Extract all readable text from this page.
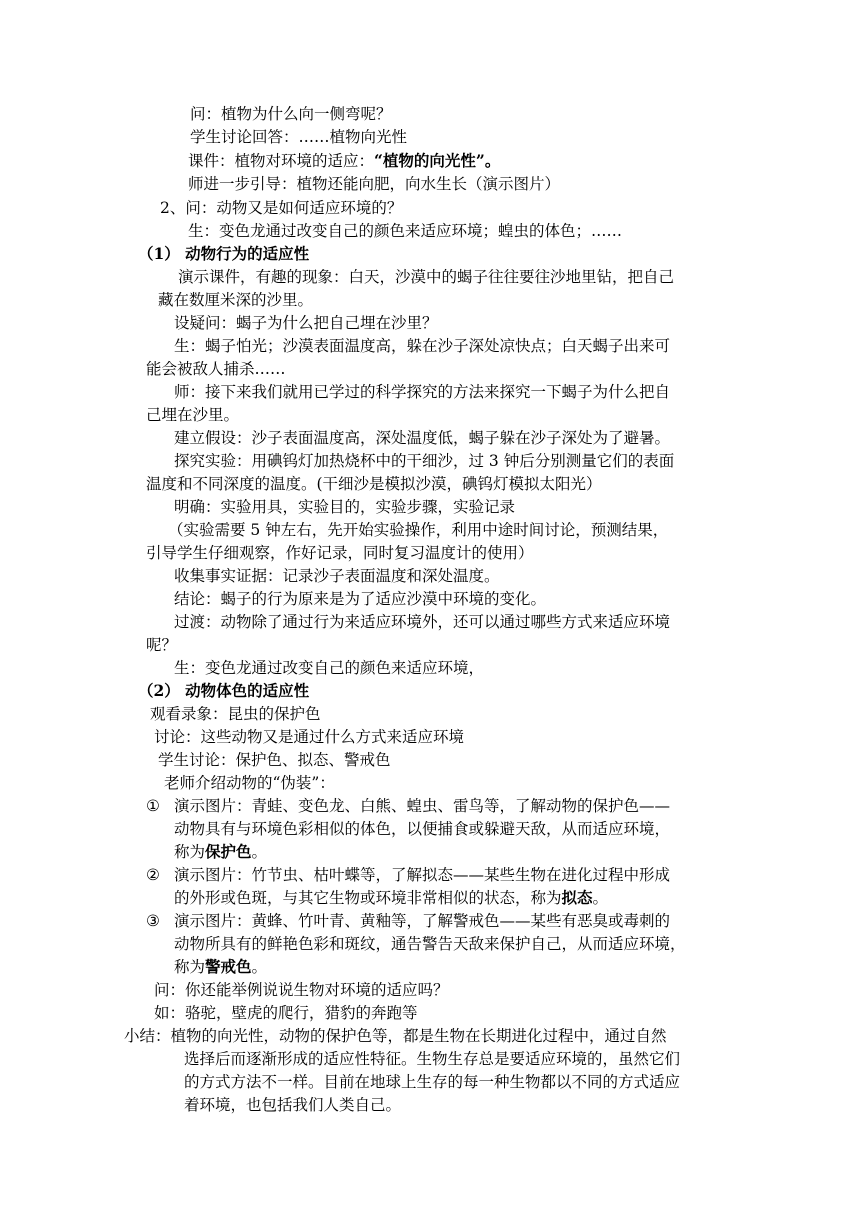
问：植物为什么向一侧弯呢？
学生讨论回答：……植物向光性
课件：植物对环境的适应：“植物的向光性”。
师进一步引导：植物还能向肥，向水生长（演示图片）
2、问：动物又是如何适应环境的？
生：变色龙通过改变自己的颜色来适应环境；蝗虫的体色；……
（1） 动物行为的适应性
演示课件，有趣的现象：白天，沙漠中的蝎子往往要往沙地里钻，把自己
藏在数厘米深的沙里。
设疑问：蝎子为什么把自己埋在沙里？
生：蝎子怕光；沙漠表面温度高，躲在沙子深处凉快点；白天蝎子出来可
能会被敌人捕杀……
师：接下来我们就用已学过的科学探究的方法来探究一下蝎子为什么把自
己埋在沙里。
建立假设：沙子表面温度高，深处温度低，蝎子躲在沙子深处为了避暑。
探究实验：用碘钨灯加热烧杯中的干细沙，过 3 钟后分别测量它们的表面
温度和不同深度的温度。(干细沙是模拟沙漠，碘钨灯模拟太阳光）
明确：实验用具，实验目的，实验步骤，实验记录
（实验需要 5 钟左右，先开始实验操作，利用中途时间讨论，预测结果，
引导学生仔细观察，作好记录，同时复习温度计的使用）
收集事实证据：记录沙子表面温度和深处温度。
结论：蝎子的行为原来是为了适应沙漠中环境的变化。
过渡：动物除了通过行为来适应环境外，还可以通过哪些方式来适应环境
呢？
生：变色龙通过改变自己的颜色来适应环境，
（2） 动物体色的适应性
观看录象：昆虫的保护色
讨论：这些动物又是通过什么方式来适应环境
学生讨论：保护色、拟态、警戒色
老师介绍动物的“伪装”：
① 演示图片：青蛙、变色龙、白熊、蝗虫、雷鸟等，了解动物的保护色——
动物具有与环境色彩相似的体色，以便捕食或躲避天敌，从而适应环境，
称为保护色。
② 演示图片：竹节虫、枯叶蝶等，了解拟态——某些生物在进化过程中形成
的外形或色斑，与其它生物或环境非常相似的状态，称为拟态。
③ 演示图片：黄蜂、竹叶青、黄釉等，了解警戒色——某些有恶臭或毒刺的
动物所具有的鲜艳色彩和斑纹，通告警告天敌来保护自己，从而适应环境，
称为警戒色。
问：你还能举例说说生物对环境的适应吗？
如：骆驼，壁虎的爬行，猎豹的奔跑等
小结：植物的向光性，动物的保护色等，都是生物在长期进化过程中，通过自然
选择后而逐渐形成的适应性特征。生物生存总是要适应环境的，虽然它们
的方式方法不一样。目前在地球上生存的每一种生物都以不同的方式适应
着环境，也包括我们人类自己。
